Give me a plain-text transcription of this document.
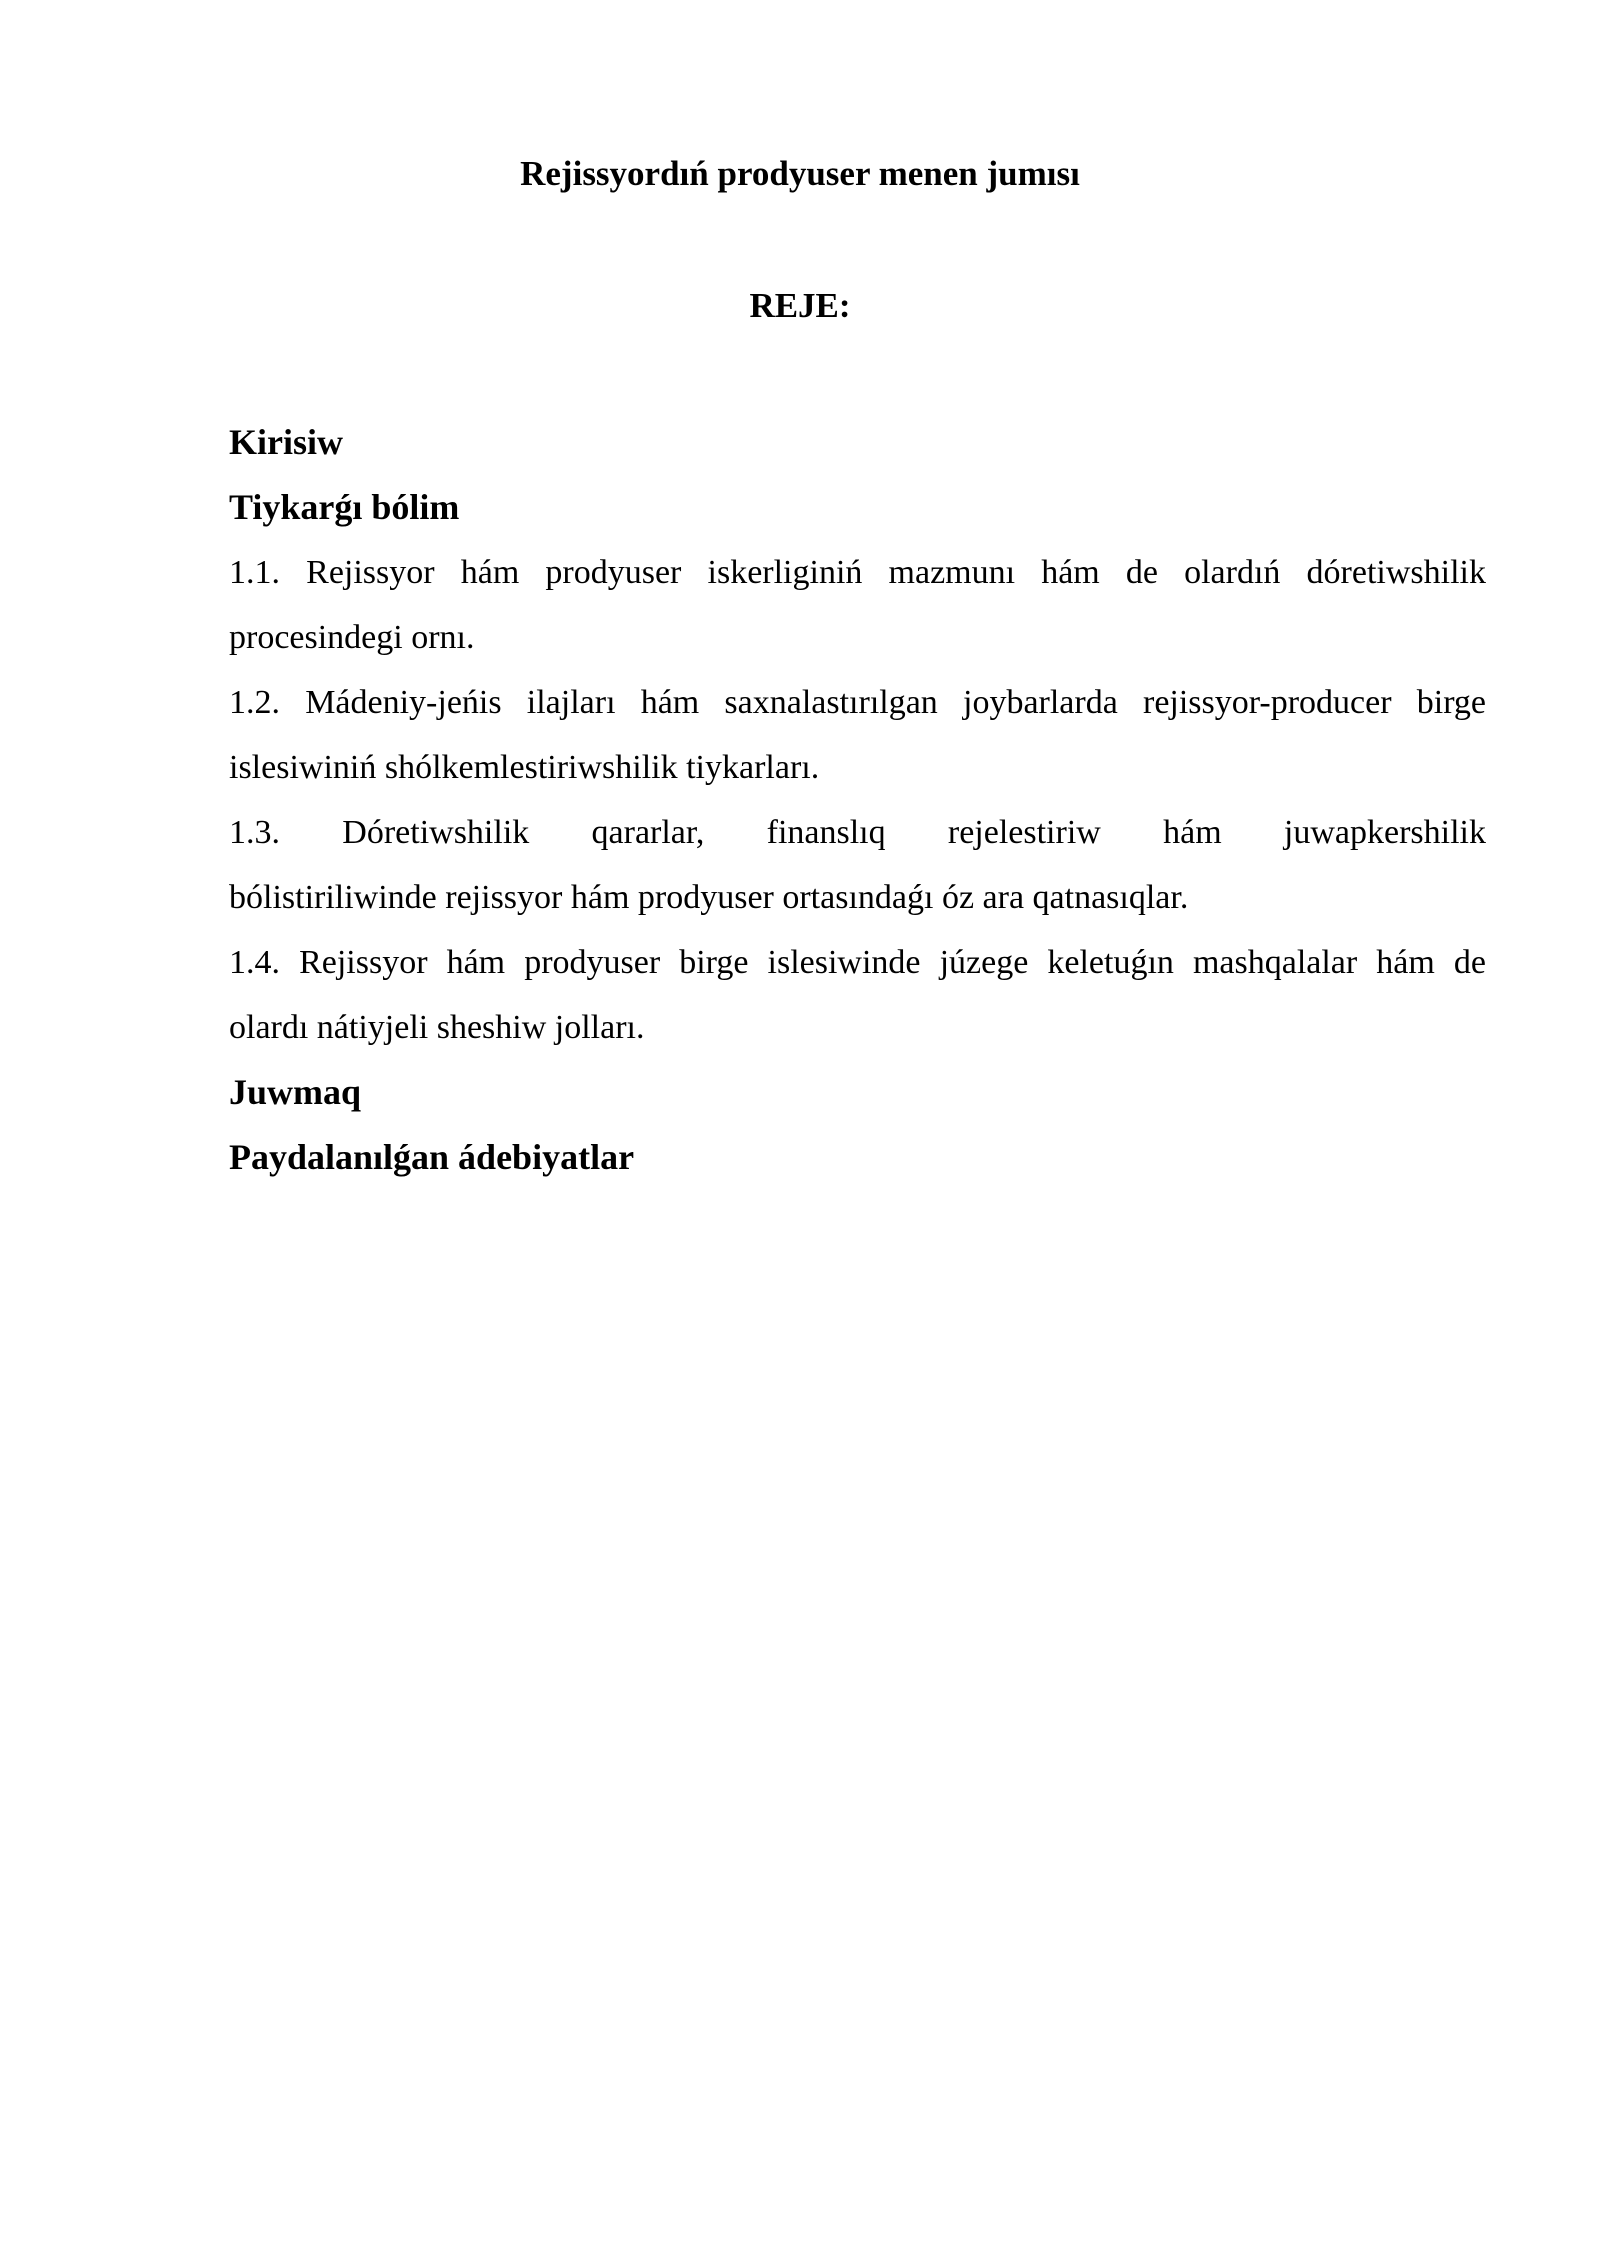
Rejissyordıń prodyuser menen jumısı
REJE:

Kirisiw

Tiykarǵı bólim

1.1. Rejissyor hám prodyuser iskerliginiń mazmunı hám de olardıń dóretiwshilik

procesindegi ornı.

1.2. Mádeniy-jeńis ilajları hám saxnalastırılgan joybarlarda rejissyor-producer birge

islesiwiniń shólkemlestiriwshilik tiykarları.

1.3. Dóretiwshilik qararlar, finanslıq rejelestiriw hám juwapkershilik

bólistiriliwinde rejissyor hám prodyuser ortasındaǵı óz ara qatnasıqlar.

1.4. Rejissyor hám prodyuser birge islesiwinde júzege keletuǵın mashqalalar hám de

olardı nátiyjeli sheshiw jolları.

Juwmaq

Paydalanılǵan ádebiyatlar
